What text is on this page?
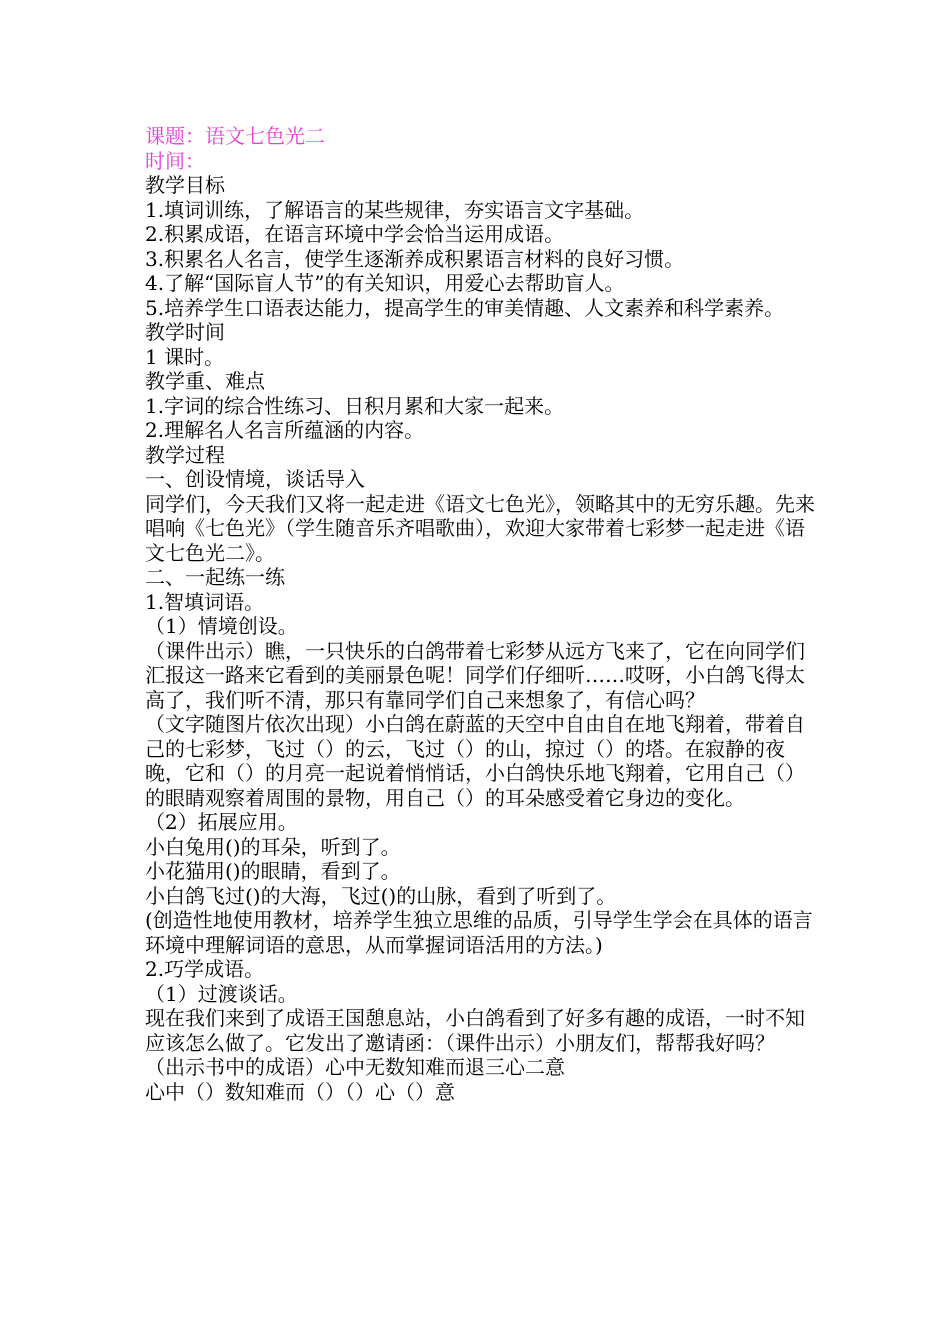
课题：语文七色光二

时间：

教学目标

1.填词训练，了解语言的某些规律，夯实语言文字基础。

2.积累成语，在语言环境中学会恰当运用成语。

3.积累名人名言，使学生逐渐养成积累语言材料的良好习惯。

4.了解“国际盲人节”的有关知识，用爱心去帮助盲人。

5.培养学生口语表达能力，提高学生的审美情趣、人文素养和科学素养。

教学时间

1 课时。

教学重、难点

1.字词的综合性练习、日积月累和大家一起来。

2.理解名人名言所蕴涵的内容。

教学过程

一、创设情境，谈话导入

同学们，今天我们又将一起走进《语文七色光》，领略其中的无穷乐趣。先来唱响《七色光》（学生随音乐齐唱歌曲），欢迎大家带着七彩梦一起走进《语文七色光二》。

二、一起练一练

1.智填词语。

（1）情境创设。

（课件出示）瞧，一只快乐的白鸽带着七彩梦从远方飞来了，它在向同学们汇报这一路来它看到的美丽景色呢！同学们仔细听……哎呀，小白鸽飞得太高了，我们听不清，那只有靠同学们自己来想象了，有信心吗？

（文字随图片依次出现）小白鸽在蔚蓝的天空中自由自在地飞翔着，带着自己的七彩梦，飞过（）的云，飞过（）的山，掠过（）的塔。在寂静的夜晚，它和（）的月亮一起说着悄悄话，小白鸽快乐地飞翔着，它用自己（）的眼睛观察着周围的景物，用自己（）的耳朵感受着它身边的变化。

（2）拓展应用。

小白兔用()的耳朵，听到了。

小花猫用()的眼睛，看到了。

小白鸽飞过()的大海，飞过()的山脉，看到了听到了。

(创造性地使用教材，培养学生独立思维的品质，引导学生学会在具体的语言环境中理解词语的意思，从而掌握词语活用的方法。)

2.巧学成语。

（1）过渡谈话。

现在我们来到了成语王国憩息站，小白鸽看到了好多有趣的成语，一时不知应该怎么做了。它发出了邀请函：（课件出示）小朋友们，帮帮我好吗？

（出示书中的成语）心中无数知难而退三心二意

心中（）数知难而（）（）心（）意
